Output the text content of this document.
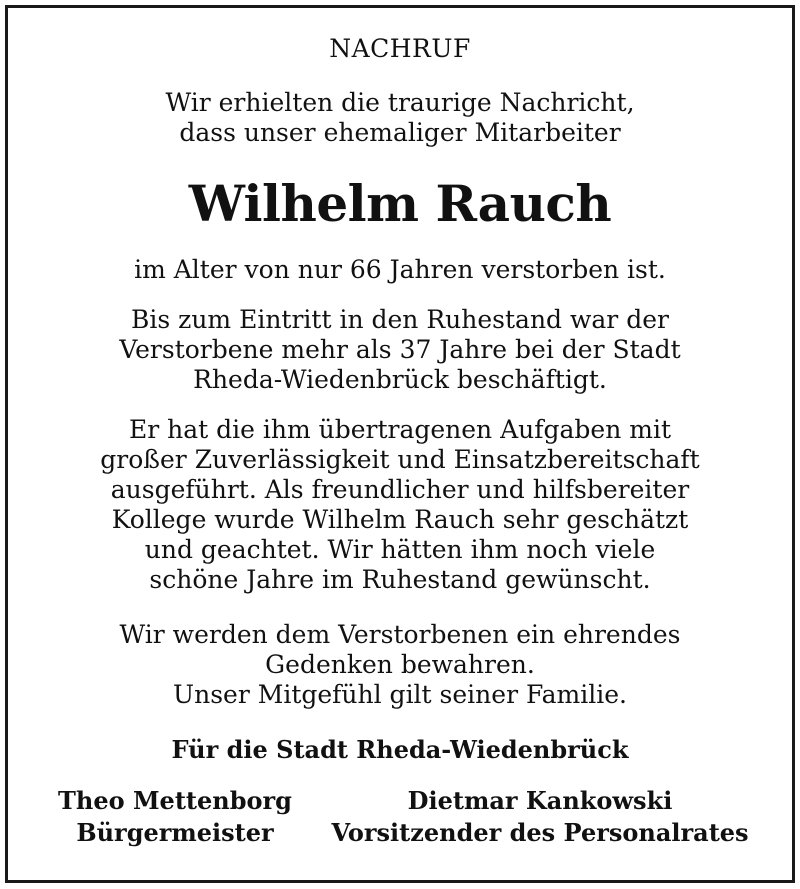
NACHRUF
Wir erhielten die traurige Nachricht,
dass unser ehemaliger Mitarbeiter
Wilhelm Rauch
im Alter von nur 66 Jahren verstorben ist.
Bis zum Eintritt in den Ruhestand war der
Verstorbene mehr als 37 Jahre bei der Stadt
Rheda-Wiedenbrück beschäftigt.
Er hat die ihm übertragenen Aufgaben mit
großer Zuverlässigkeit und Einsatzbereitschaft
ausgeführt. Als freundlicher und hilfsbereiter
Kollege wurde Wilhelm Rauch sehr geschätzt
und geachtet. Wir hätten ihm noch viele
schöne Jahre im Ruhestand gewünscht.
Wir werden dem Verstorbenen ein ehrendes
Gedenken bewahren.
Unser Mitgefühl gilt seiner Familie.
Für die Stadt Rheda-Wiedenbrück
Theo Mettenborg
Bürgermeister
Dietmar Kankowski
Vorsitzender des Personalrates
